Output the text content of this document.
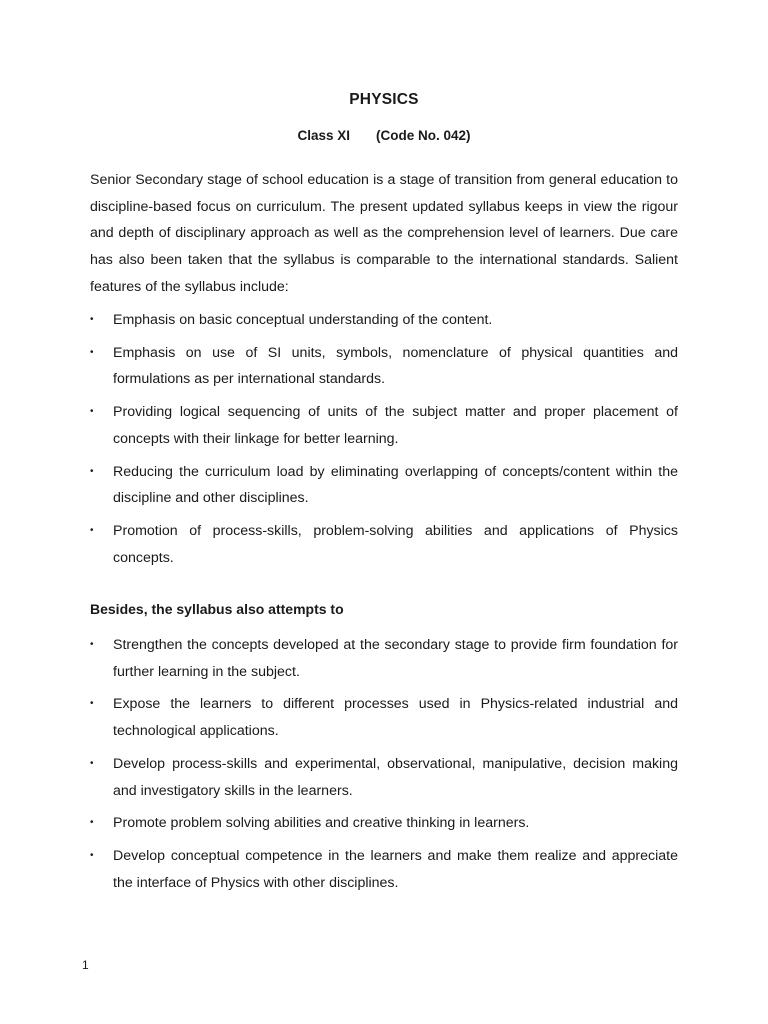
PHYSICS
Class XI (Code No. 042)

Senior Secondary stage of school education is a stage of transition from general education to discipline-based focus on curriculum. The present updated syllabus keeps in view the rigour and depth of disciplinary approach as well as the comprehension level of learners. Due care has also been taken that the syllabus is comparable to the international standards. Salient features of the syllabus include:

• Emphasis on basic conceptual understanding of the content.
• Emphasis on use of SI units, symbols, nomenclature of physical quantities and formulations as per international standards.
• Providing logical sequencing of units of the subject matter and proper placement of concepts with their linkage for better learning.
• Reducing the curriculum load by eliminating overlapping of concepts/content within the discipline and other disciplines.
• Promotion of process-skills, problem-solving abilities and applications of Physics concepts.
Besides, the syllabus also attempts to
• Strengthen the concepts developed at the secondary stage to provide firm foundation for further learning in the subject.
• Expose the learners to different processes used in Physics-related industrial and technological applications.
• Develop process-skills and experimental, observational, manipulative, decision making and investigatory skills in the learners.
• Promote problem solving abilities and creative thinking in learners.
• Develop conceptual competence in the learners and make them realize and appreciate the interface of Physics with other disciplines.
1
